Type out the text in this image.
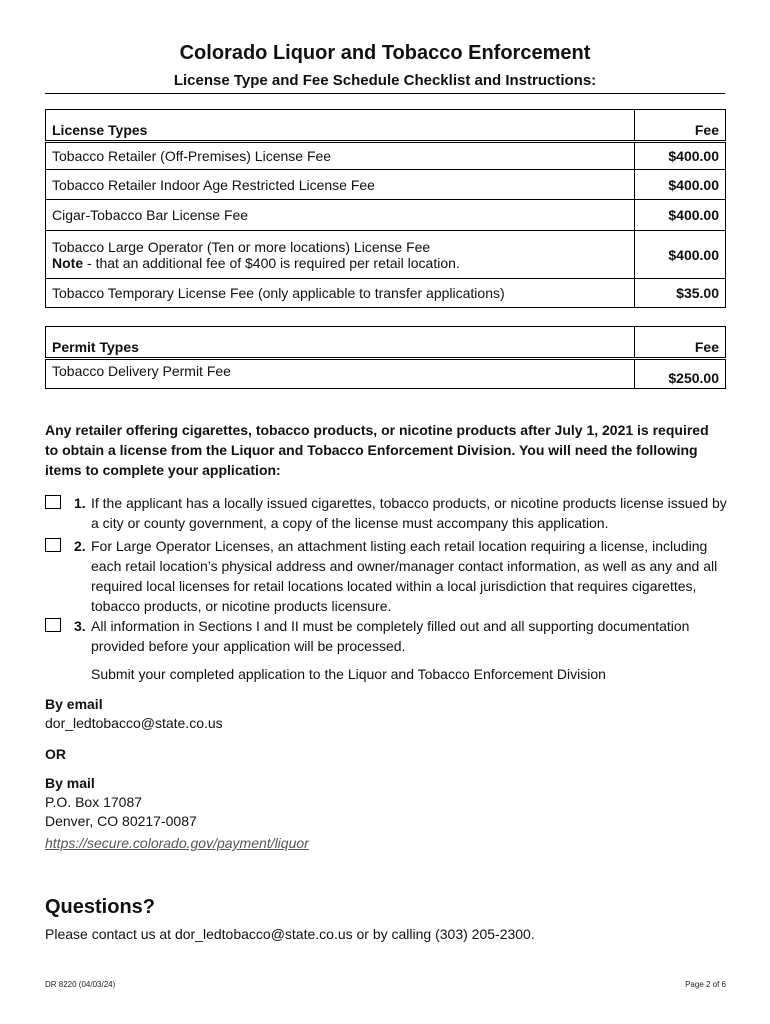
Colorado Liquor and Tobacco Enforcement
License Type and Fee Schedule Checklist and Instructions:
License Types	Fee
Tobacco Retailer (Off-Premises) License Fee	$400.00
Tobacco Retailer Indoor Age Restricted License Fee	$400.00
Cigar-Tobacco Bar License Fee	$400.00

Tobacco Large Operator (Ten or more locations) License Fee
Note - that an additional fee of $400 is required per retail location.	$400.00
Tobacco Temporary License Fee (only applicable to transfer applications)	$35.00
Permit Types	Fee
Tobacco Delivery Permit Fee	$250.00
Any retailer offering cigarettes, tobacco products, or nicotine products after July 1, 2021 is required to obtain a license from the Liquor and Tobacco Enforcement Division. You will need the following items to complete your application:
1. If the applicant has a locally issued cigarettes, tobacco products, or nicotine products license issued by a city or county government, a copy of the license must accompany this application.
2. For Large Operator Licenses, an attachment listing each retail location requiring a license, including each retail location’s physical address and owner/manager contact information, as well as any and all required local licenses for retail locations located within a local jurisdiction that requires cigarettes, tobacco products, or nicotine products licensure.
3. All information in Sections I and II must be completely filled out and all supporting documentation provided before your application will be processed.
Submit your completed application to the Liquor and Tobacco Enforcement Division
By email
dor_ledtobacco@state.co.us
OR
By mail
P.O. Box 17087
Denver, CO 80217-0087
https://secure.colorado.gov/payment/liquor
Questions?
Please contact us at dor_ledtobacco@state.co.us or by calling (303) 205-2300.
DR 8220 (04/03/24)	Page 2 of 6
